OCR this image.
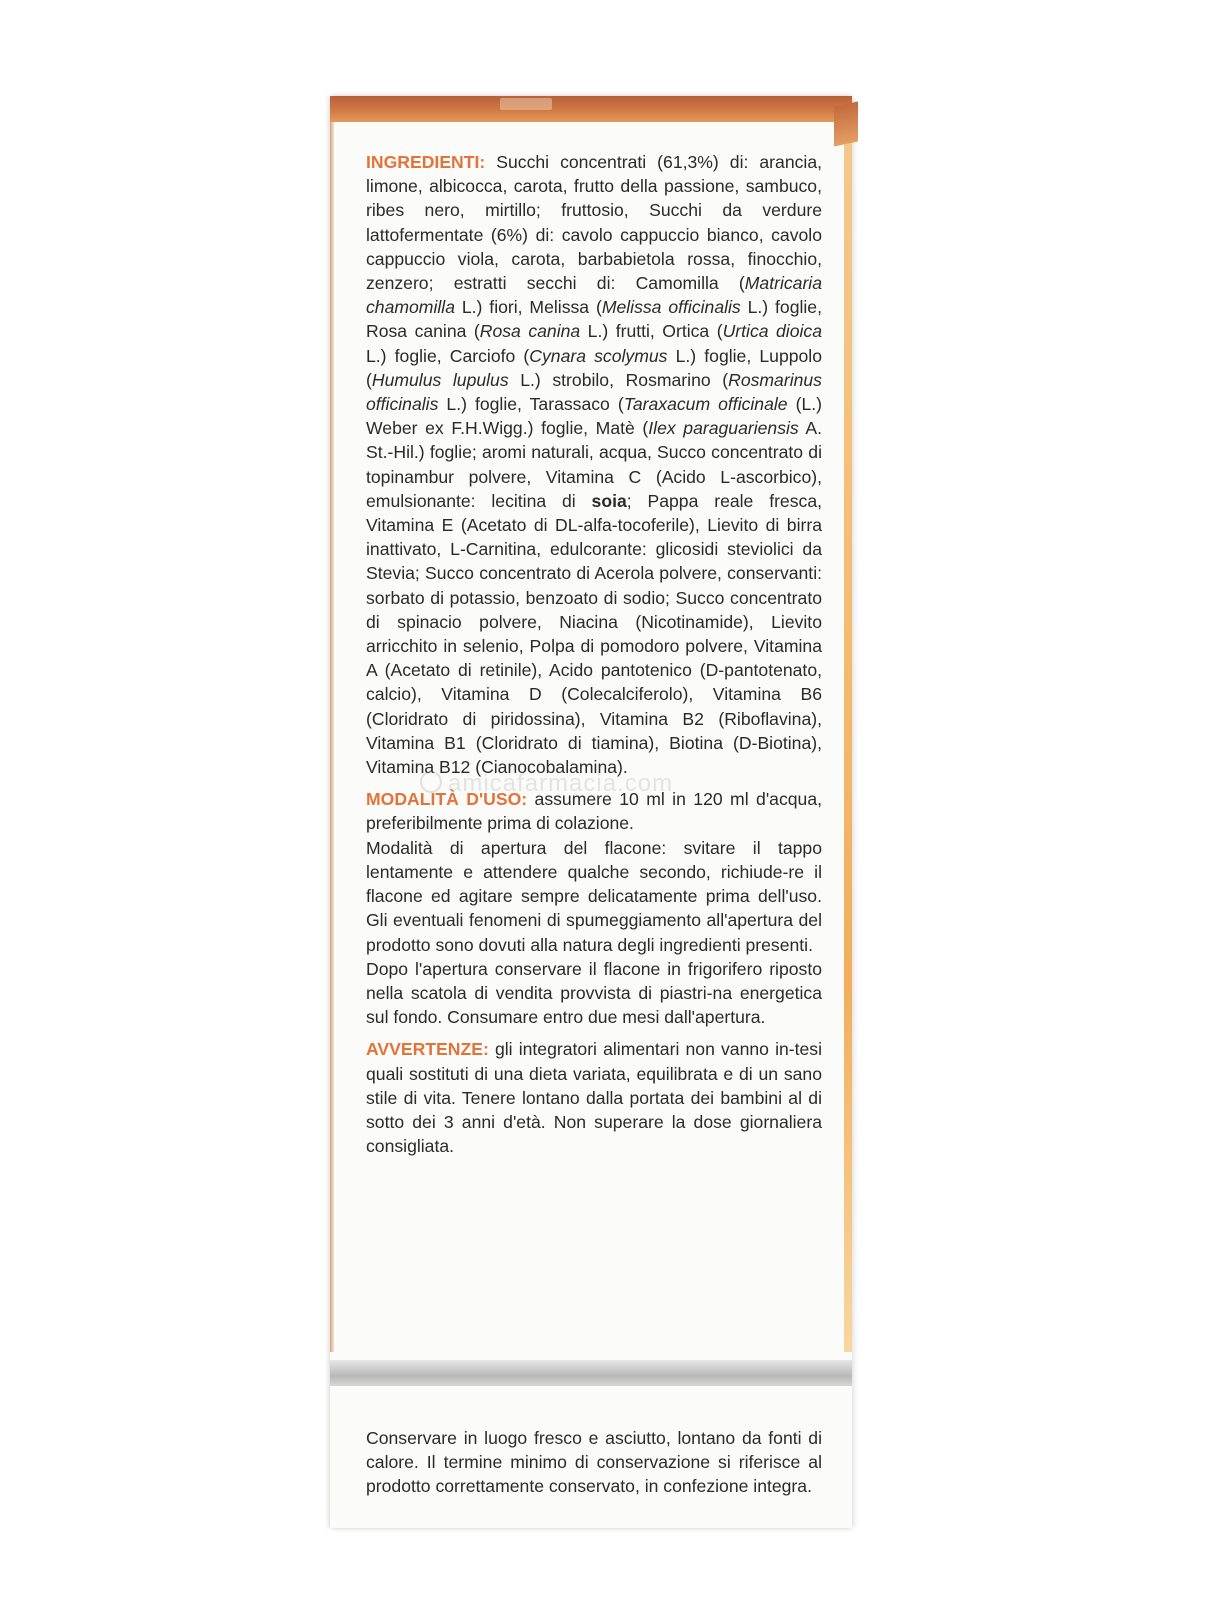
INGREDIENTI: Succhi concentrati (61,3%) di: arancia, limone, albicocca, carota, frutto della passione, sambuco, ribes nero, mirtillo; fruttosio, Succhi da verdure lattofermentate (6%) di: cavolo cappuccio bianco, cavolo cappuccio viola, carota, barbabietola rossa, finocchio, zenzero; estratti secchi di: Camomilla (Matricaria chamomilla L.) fiori, Melissa (Melissa officinalis L.) foglie, Rosa canina (Rosa canina L.) frutti, Ortica (Urtica dioica L.) foglie, Carciofo (Cynara scolymus L.) foglie, Luppolo (Humulus lupulus L.) strobilo, Rosmarino (Rosmarinus officinalis L.) foglie, Tarassaco (Taraxacum officinale (L.) Weber ex F.H.Wigg.) foglie, Matè (Ilex paraguariensis A. St.-Hil.) foglie; aromi naturali, acqua, Succo concentrato di topinambur polvere, Vitamina C (Acido L-ascorbico), emulsionante: lecitina di soia; Pappa reale fresca, Vitamina E (Acetato di DL-alfa-tocoferile), Lievito di birra inattivato, L-Carnitina, edulcorante: glicosidi steviolici da Stevia; Succo concentrato di Acerola polvere, conservanti: sorbato di potassio, benzoato di sodio; Succo concentrato di spinacio polvere, Niacina (Nicotinamide), Lievito arricchito in selenio, Polpa di pomodoro polvere, Vitamina A (Acetato di retinile), Acido pantotenico (D-pantotenato, calcio), Vitamina D (Colecalciferolo), Vitamina B6 (Cloridrato di piridossina), Vitamina B2 (Riboflavina), Vitamina B1 (Cloridrato di tiamina), Biotina (D-Biotina), Vitamina B12 (Cianocobalamina).

MODALITÀ D'USO: assumere 10 ml in 120 ml d'acqua, preferibilmente prima di colazione.

Modalità di apertura del flacone: svitare il tappo lentamente e attendere qualche secondo, richiude-re il flacone ed agitare sempre delicatamente prima dell'uso. Gli eventuali fenomeni di spumeggiamento all'apertura del prodotto sono dovuti alla natura degli ingredienti presenti.

Dopo l'apertura conservare il flacone in frigorifero riposto nella scatola di vendita provvista di piastri-na energetica sul fondo. Consumare entro due mesi dall'apertura.

AVVERTENZE: gli integratori alimentari non vanno in-tesi quali sostituti di una dieta variata, equilibrata e di un sano stile di vita. Tenere lontano dalla portata dei bambini al di sotto dei 3 anni d'età. Non superare la dose giornaliera consigliata.

Conservare in luogo fresco e asciutto, lontano da fonti di calore. Il termine minimo di conservazione si riferisce al prodotto correttamente conservato, in confezione integra.

amicafarmacia.com
